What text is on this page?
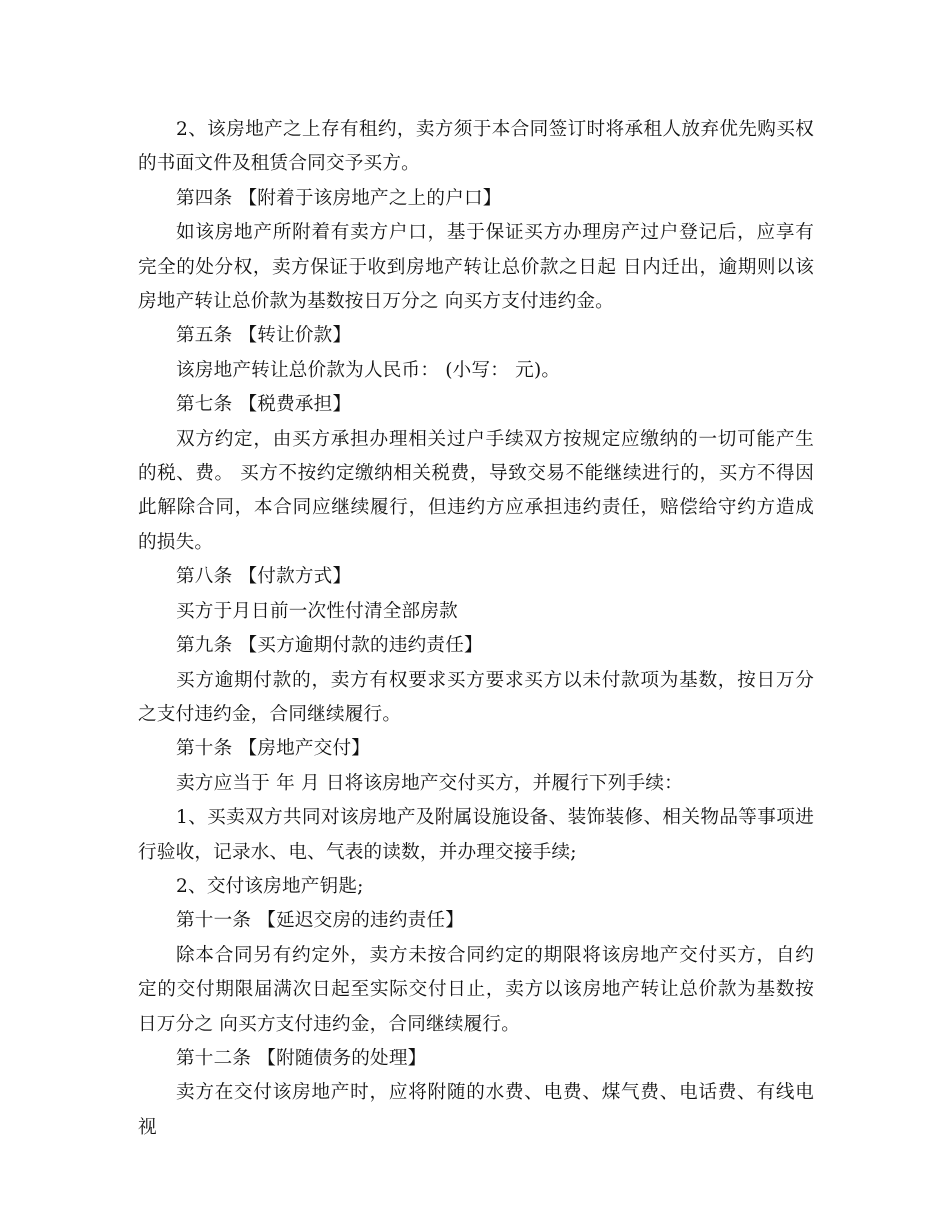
2、该房地产之上存有租约，卖方须于本合同签订时将承租人放弃优先购买权的书面文件及租赁合同交予买方。

第四条 【附着于该房地产之上的户口】

如该房地产所附着有卖方户口，基于保证买方办理房产过户登记后，应享有完全的处分权，卖方保证于收到房地产转让总价款之日起 日内迁出，逾期则以该房地产转让总价款为基数按日万分之 向买方支付违约金。

第五条 【转让价款】

该房地产转让总价款为人民币： (小写： 元)。

第七条 【税费承担】

双方约定，由买方承担办理相关过户手续双方按规定应缴纳的一切可能产生的税、费。 买方不按约定缴纳相关税费，导致交易不能继续进行的，买方不得因此解除合同，本合同应继续履行，但违约方应承担违约责任，赔偿给守约方造成的损失。

第八条 【付款方式】

买方于月日前一次性付清全部房款

第九条 【买方逾期付款的违约责任】

买方逾期付款的，卖方有权要求买方要求买方以未付款项为基数，按日万分之支付违约金，合同继续履行。

第十条 【房地产交付】

卖方应当于 年 月 日将该房地产交付买方，并履行下列手续：

1、买卖双方共同对该房地产及附属设施设备、装饰装修、相关物品等事项进行验收，记录水、电、气表的读数，并办理交接手续;

2、交付该房地产钥匙;

第十一条 【延迟交房的违约责任】

除本合同另有约定外，卖方未按合同约定的期限将该房地产交付买方，自约定的交付期限届满次日起至实际交付日止，卖方以该房地产转让总价款为基数按日万分之 向买方支付违约金，合同继续履行。

第十二条 【附随债务的处理】

卖方在交付该房地产时，应将附随的水费、电费、煤气费、电话费、有线电视
